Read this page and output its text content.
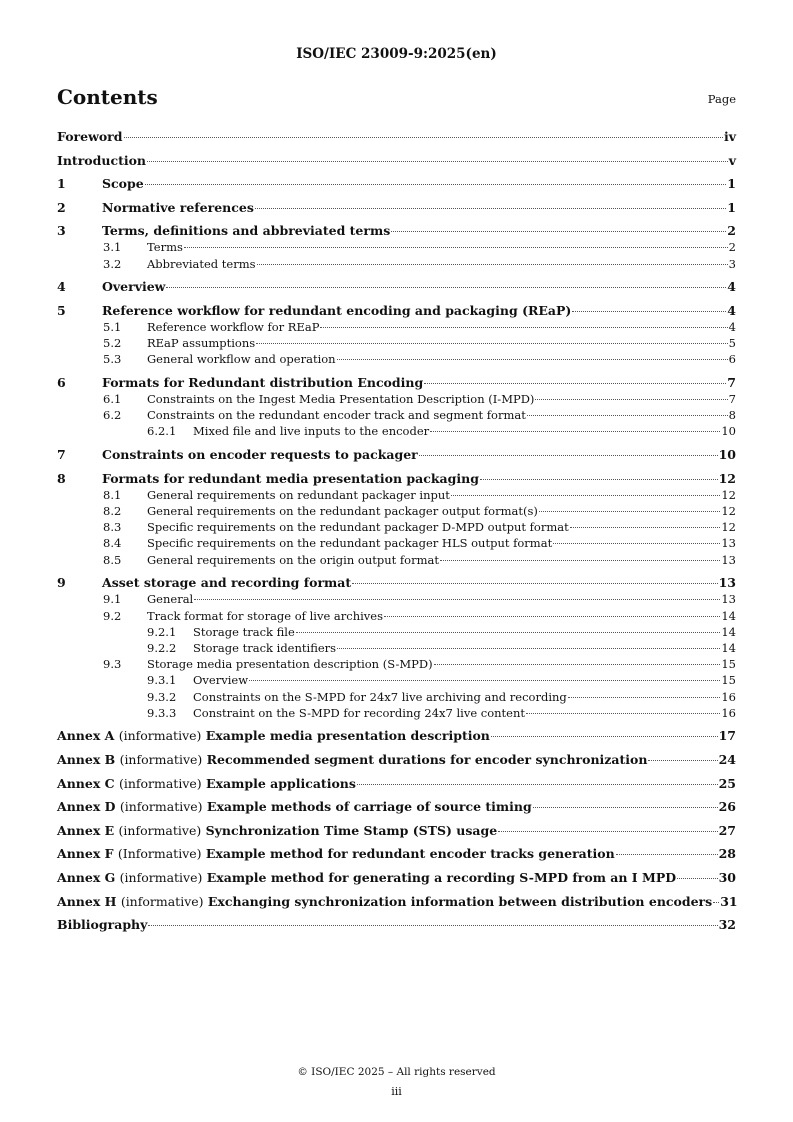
ISO/IEC 23009-9:2025(en)
Contents	Page
Foreword	iv
Introduction	v
1	Scope	1
2	Normative references	1
3	Terms, definitions and abbreviated terms	2
3.1	Terms	2
3.2	Abbreviated terms	3
4	Overview	4
5	Reference workflow for redundant encoding and packaging (REaP)	4
5.1	Reference workflow for REaP	4
5.2	REaP assumptions	5
5.3	General workflow and operation	6
6	Formats for Redundant distribution Encoding	7
6.1	Constraints on the Ingest Media Presentation Description (I-MPD)	7
6.2	Constraints on the redundant encoder track and segment format	8
6.2.1	Mixed file and live inputs to the encoder	10
7	Constraints on encoder requests to packager	10
8	Formats for redundant media presentation packaging	12
8.1	General requirements on redundant packager input	12
8.2	General requirements on the redundant packager output format(s)	12
8.3	Specific requirements on the redundant packager D-MPD output format	12
8.4	Specific requirements on the redundant packager HLS output format	13
8.5	General requirements on the origin output format	13
9	Asset storage and recording format	13
9.1	General	13
9.2	Track format for storage of live archives	14
9.2.1	Storage track file	14
9.2.2	Storage track identifiers	14
9.3	Storage media presentation description (S-MPD)	15
9.3.1	Overview	15
9.3.2	Constraints on the S-MPD for 24x7 live archiving and recording	16
9.3.3	Constraint on the S-MPD for recording 24x7 live content	16
Annex A (informative) Example media presentation description	17
Annex B (informative) Recommended segment durations for encoder synchronization	24
Annex C (informative) Example applications	25
Annex D (informative) Example methods of carriage of source timing	26
Annex E (informative) Synchronization Time Stamp (STS) usage	27
Annex F (Informative) Example method for redundant encoder tracks generation	28
Annex G (informative) Example method for generating a recording S-MPD from an I MPD	30
Annex H (informative) Exchanging synchronization information between distribution encoders 31
Bibliography	32
© ISO/IEC 2025 – All rights reserved
iii
